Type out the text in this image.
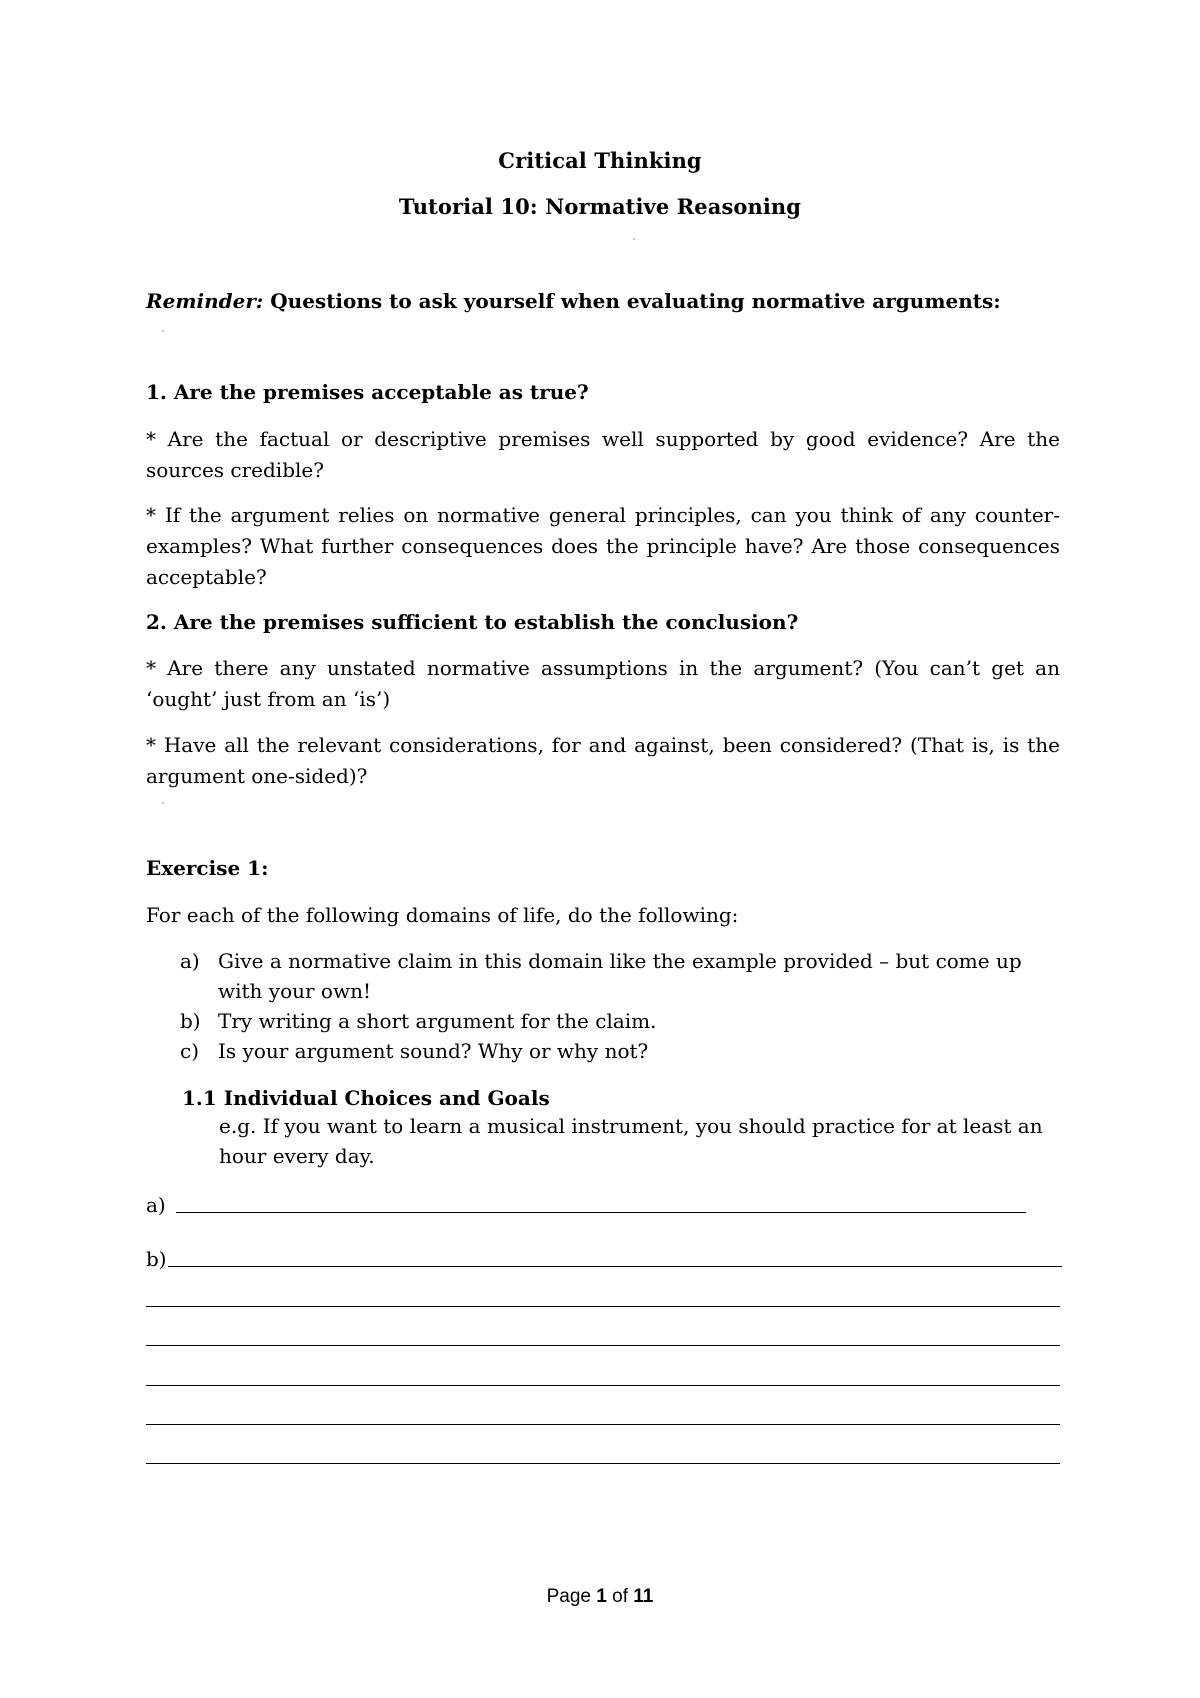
Critical Thinking
Tutorial 10: Normative Reasoning
Reminder: Questions to ask yourself when evaluating normative arguments:
1. Are the premises acceptable as true?
* Are the factual or descriptive premises well supported by good evidence? Are the sources credible?
* If the argument relies on normative general principles, can you think of any counter-examples? What further consequences does the principle have? Are those consequences acceptable?
2. Are the premises sufficient to establish the conclusion?
* Are there any unstated normative assumptions in the argument? (You can’t get an ‘ought’ just from an ‘is’)
* Have all the relevant considerations, for and against, been considered? (That is, is the argument one-sided)?
Exercise 1:
For each of the following domains of life, do the following:
a) Give a normative claim in this domain like the example provided – but come up with your own!
b) Try writing a short argument for the claim.
c) Is your argument sound? Why or why not?
1.1 Individual Choices and Goals
e.g. If you want to learn a musical instrument, you should practice for at least an hour every day.
a)
b)
Page 1 of 11
